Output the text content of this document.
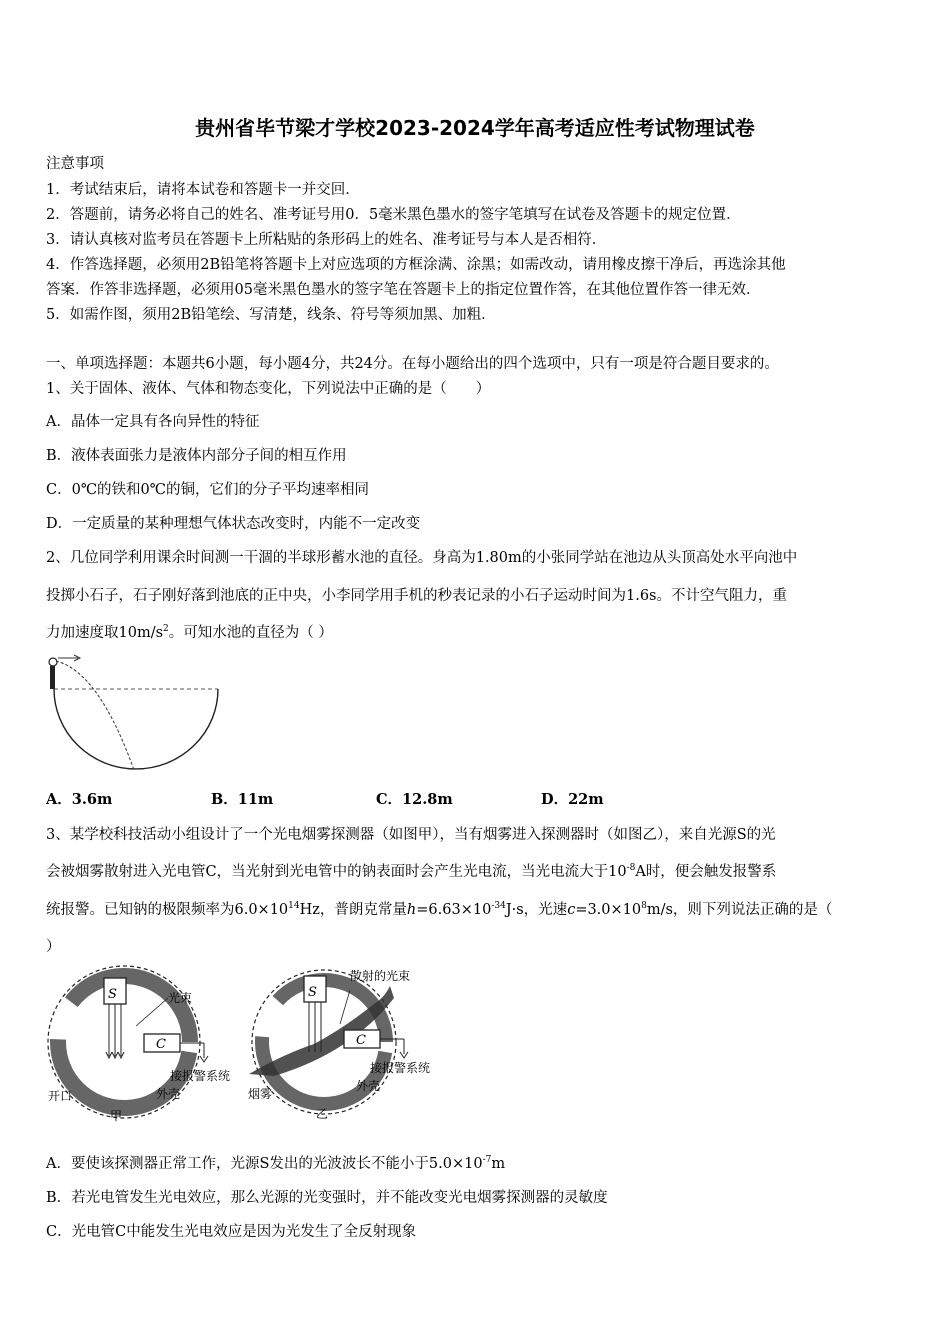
贵州省毕节梁才学校2023-2024学年高考适应性考试物理试卷
注意事项
1．考试结束后，请将本试卷和答题卡一并交回．
2．答题前，请务必将自己的姓名、准考证号用0．5毫米黑色墨水的签字笔填写在试卷及答题卡的规定位置．
3．请认真核对监考员在答题卡上所粘贴的条形码上的姓名、准考证号与本人是否相符．
4．作答选择题，必须用2B铅笔将答题卡上对应选项的方框涂满、涂黑；如需改动，请用橡皮擦干净后，再选涂其他
答案．作答非选择题，必须用05毫米黑色墨水的签字笔在答题卡上的指定位置作答，在其他位置作答一律无效．
5．如需作图，须用2B铅笔绘、写清楚，线条、符号等须加黑、加粗．
一、单项选择题：本题共6小题，每小题4分，共24分。在每小题给出的四个选项中，只有一项是符合题目要求的。
1、关于固体、液体、气体和物态变化，下列说法中正确的是（　　）
A．晶体一定具有各向异性的特征
B．液体表面张力是液体内部分子间的相互作用
C．0℃的铁和0℃的铜，它们的分子平均速率相同
D．一定质量的某种理想气体状态改变时，内能不一定改变
2、几位同学利用课余时间测一干涸的半球形蓄水池的直径。身高为1.80m的小张同学站在池边从头顶高处水平向池中
投掷小石子，石子刚好落到池底的正中央，小李同学用手机的秒表记录的小石子运动时间为1.6s。不计空气阻力，重
力加速度取$10m/s^2$。可知水池的直径为（ ）
A．3.6m	B．11m	C．12.8m	D．22m
3、某学校科技活动小组设计了一个光电烟雾探测器（如图甲），当有烟雾进入探测器时（如图乙），来自光源S的光
会被烟雾散射进入光电管C，当光射到光电管中的钠表面时会产生光电流，当光电流大于$10^{-8}A$时，便会触发报警系
统报警。已知钠的极限频率为$6.0\times 10^{14}Hz$，普朗克常量$h=6.63\times 10^{-34}J\cdot s$，光速$c=3.0\times 10^8m/s$，则下列说法正确的是（
）
S
C
光束
接报警系统
开口	外壳
甲
S
C
散射的光束
接报警系统
烟雾
外壳
乙
A．要使该探测器正常工作，光源S发出的光波波长不能小于$5.0\times 10^{-7}m$
B．若光电管发生光电效应，那么光源的光变强时，并不能改变光电烟雾探测器的灵敏度
C．光电管C中能发生光电效应是因为光发生了全反射现象
